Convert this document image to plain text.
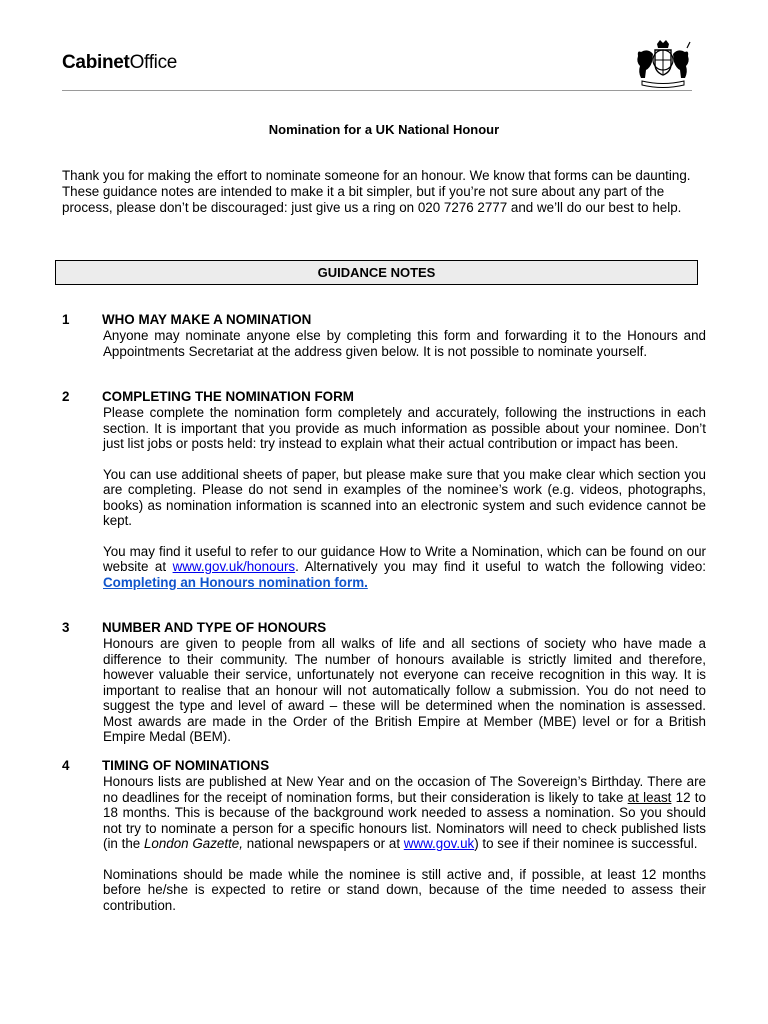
CabinetOffice
Nomination for a UK National Honour
Thank you for making the effort to nominate someone for an honour. We know that forms can be daunting. These guidance notes are intended to make it a bit simpler, but if you’re not sure about any part of the process, please don’t be discouraged: just give us a ring on 020 7276 2777 and we’ll do our best to help.
GUIDANCE NOTES
1 WHO MAY MAKE A NOMINATION

Anyone may nominate anyone else by completing this form and forwarding it to the Honours and Appointments Secretariat at the address given below. It is not possible to nominate yourself.

2 COMPLETING THE NOMINATION FORM

Please complete the nomination form completely and accurately, following the instructions in each section. It is important that you provide as much information as possible about your nominee. Don’t just list jobs or posts held: try instead to explain what their actual contribution or impact has been.

You can use additional sheets of paper, but please make sure that you make clear which section you are completing. Please do not send in examples of the nominee’s work (e.g. videos, photographs, books) as nomination information is scanned into an electronic system and such evidence cannot be kept.

You may find it useful to refer to our guidance How to Write a Nomination, which can be found on our website at www.gov.uk/honours. Alternatively you may find it useful to watch the following video: Completing an Honours nomination form.

3 NUMBER AND TYPE OF HONOURS

Honours are given to people from all walks of life and all sections of society who have made a difference to their community. The number of honours available is strictly limited and therefore, however valuable their service, unfortunately not everyone can receive recognition in this way. It is important to realise that an honour will not automatically follow a submission. You do not need to suggest the type and level of award – these will be determined when the nomination is assessed. Most awards are made in the Order of the British Empire at Member (MBE) level or for a British Empire Medal (BEM).

4 TIMING OF NOMINATIONS

Honours lists are published at New Year and on the occasion of The Sovereign’s Birthday. There are no deadlines for the receipt of nomination forms, but their consideration is likely to take at least 12 to 18 months. This is because of the background work needed to assess a nomination. So you should not try to nominate a person for a specific honours list. Nominators will need to check published lists (in the London Gazette, national newspapers or at www.gov.uk) to see if their nominee is successful.

Nominations should be made while the nominee is still active and, if possible, at least 12 months before he/she is expected to retire or stand down, because of the time needed to assess their contribution.
